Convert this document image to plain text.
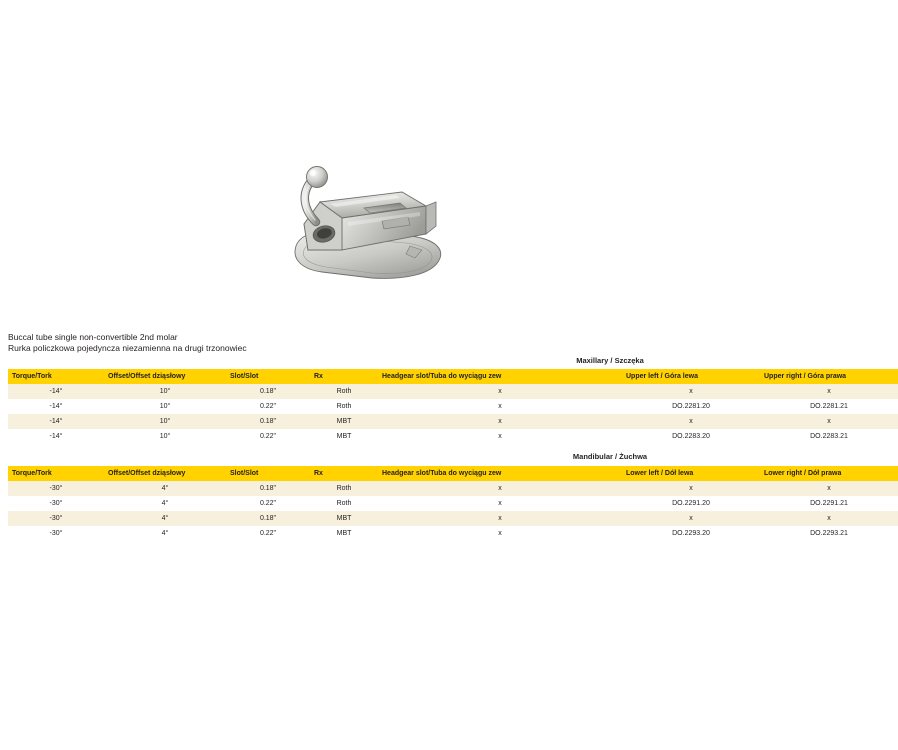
Buccal tube single non-convertible 2nd molar
Rurka policzkowa pojedyncza niezamienna na drugi trzonowiec
Maxillary / Szczęka
Torque/Tork	Offset/Offset dziąsłowy	Slot/Slot	Rx	Headgear slot/Tuba do wyciągu zew	Upper left / Góra lewa	Upper right / Góra prawa
-14°	10°	0.18"	Roth	x	x	x
-14°	10°	0.22"	Roth	x	DO.2281.20	DO.2281.21
-14°	10°	0.18"	MBT	x	x	x
-14°	10°	0.22"	MBT	x	DO.2283.20	DO.2283.21
Mandibular / Żuchwa
Torque/Tork	Offset/Offset dziąsłowy	Slot/Slot	Rx	Headgear slot/Tuba do wyciągu zew	Lower left / Dół lewa	Lower right / Dół prawa
-30°	4°	0.18"	Roth	x	x	x
-30°	4°	0.22"	Roth	x	DO.2291.20	DO.2291.21
-30°	4°	0.18"	MBT	x	x	x
-30°	4°	0.22"	MBT	x	DO.2293.20	DO.2293.21
